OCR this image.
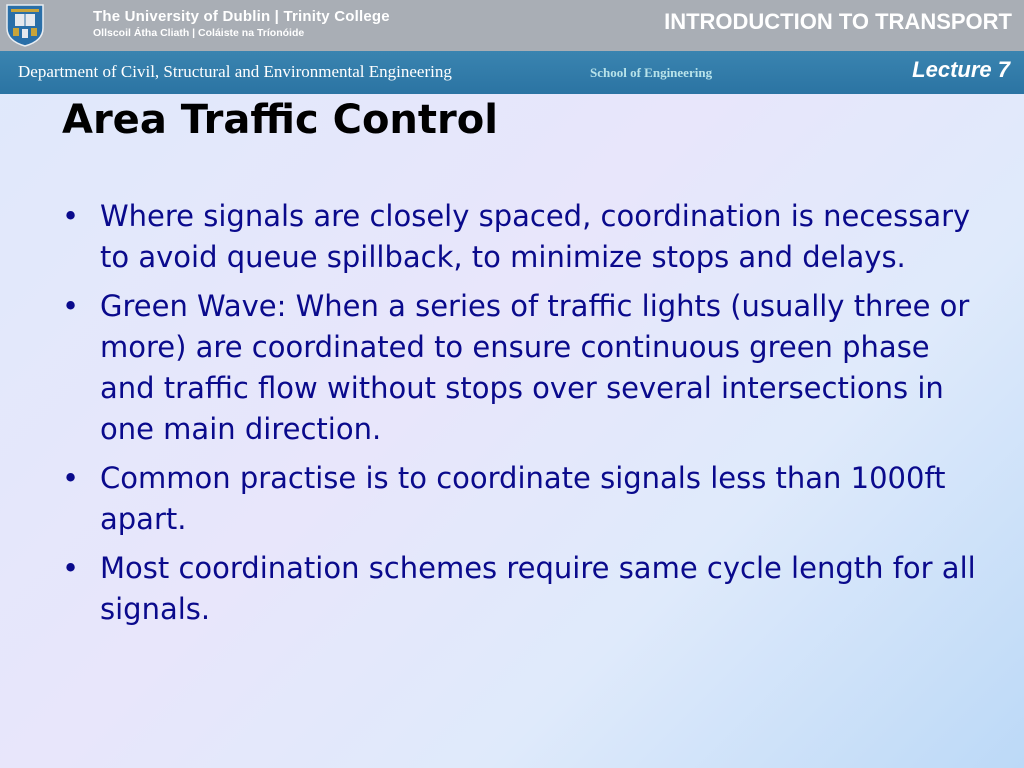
The University of Dublin | Trinity College
Ollscoil Átha Cliath | Coláiste na Tríonóide	INTRODUCTION TO TRANSPORT
Department of Civil, Structural and Environmental Engineering	School of Engineering	Lecture 7
Area Traffic Control
• Where signals are closely spaced, coordination is necessary to avoid queue spillback, to minimize stops and delays.
• Green Wave: When a series of traffic lights (usually three or more) are coordinated to ensure continuous green phase and traffic flow without stops over several intersections in one main direction.
• Common practise is to coordinate signals less than 1000ft apart.
• Most coordination schemes require same cycle length for all signals.
